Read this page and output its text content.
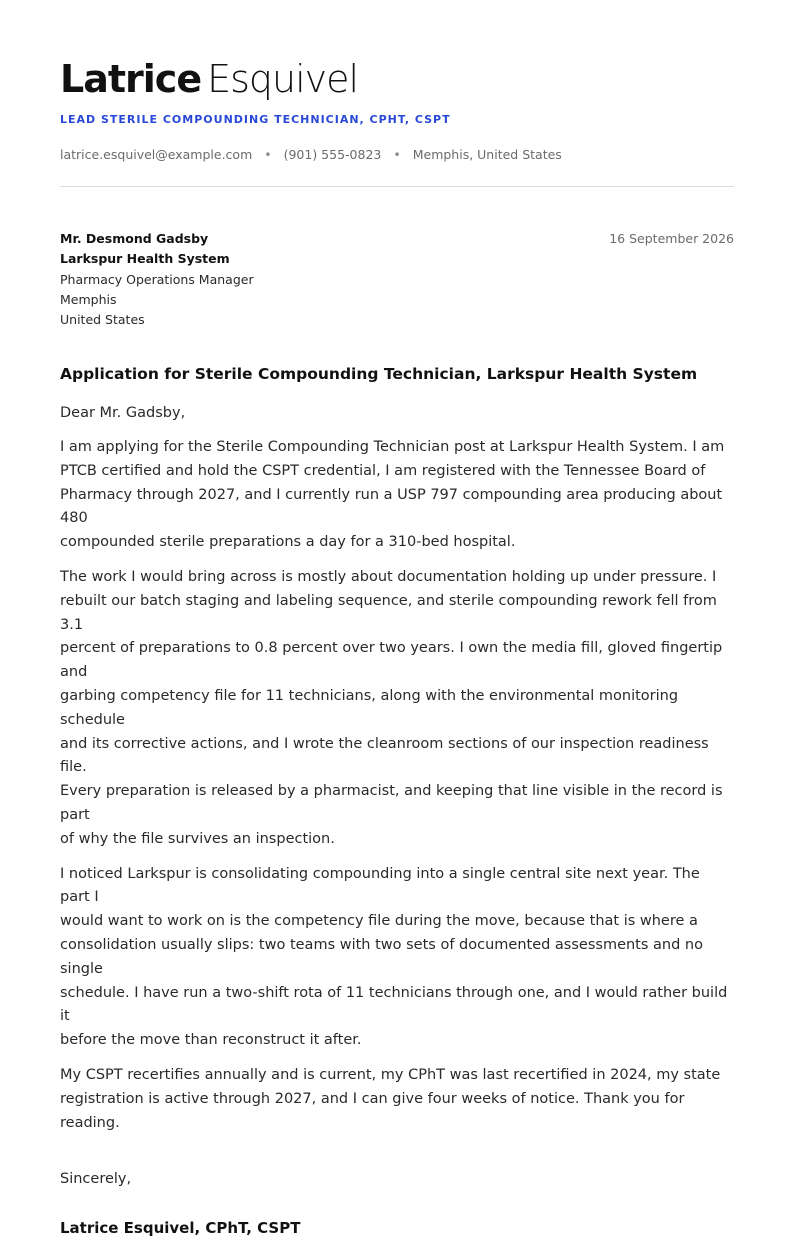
Latrice Esquivel
LEAD STERILE COMPOUNDING TECHNICIAN, CPHT, CSPT
latrice.esquivel@example.com • (901) 555-0823 • Memphis, United States
Mr. Desmond Gadsby
Larkspur Health System
Pharmacy Operations Manager
Memphis
United States
16 September 2026
Application for Sterile Compounding Technician, Larkspur Health System
Dear Mr. Gadsby,
I am applying for the Sterile Compounding Technician post at Larkspur Health System. I am
PTCB certified and hold the CSPT credential, I am registered with the Tennessee Board of
Pharmacy through 2027, and I currently run a USP 797 compounding area producing about 480
compounded sterile preparations a day for a 310-bed hospital.
The work I would bring across is mostly about documentation holding up under pressure. I
rebuilt our batch staging and labeling sequence, and sterile compounding rework fell from 3.1
percent of preparations to 0.8 percent over two years. I own the media fill, gloved fingertip and
garbing competency file for 11 technicians, along with the environmental monitoring schedule
and its corrective actions, and I wrote the cleanroom sections of our inspection readiness file.
Every preparation is released by a pharmacist, and keeping that line visible in the record is part
of why the file survives an inspection.
I noticed Larkspur is consolidating compounding into a single central site next year. The part I
would want to work on is the competency file during the move, because that is where a
consolidation usually slips: two teams with two sets of documented assessments and no single
schedule. I have run a two-shift rota of 11 technicians through one, and I would rather build it
before the move than reconstruct it after.
My CSPT recertifies annually and is current, my CPhT was last recertified in 2024, my state
registration is active through 2027, and I can give four weeks of notice. Thank you for reading.
Sincerely,
Latrice Esquivel, CPhT, CSPT
